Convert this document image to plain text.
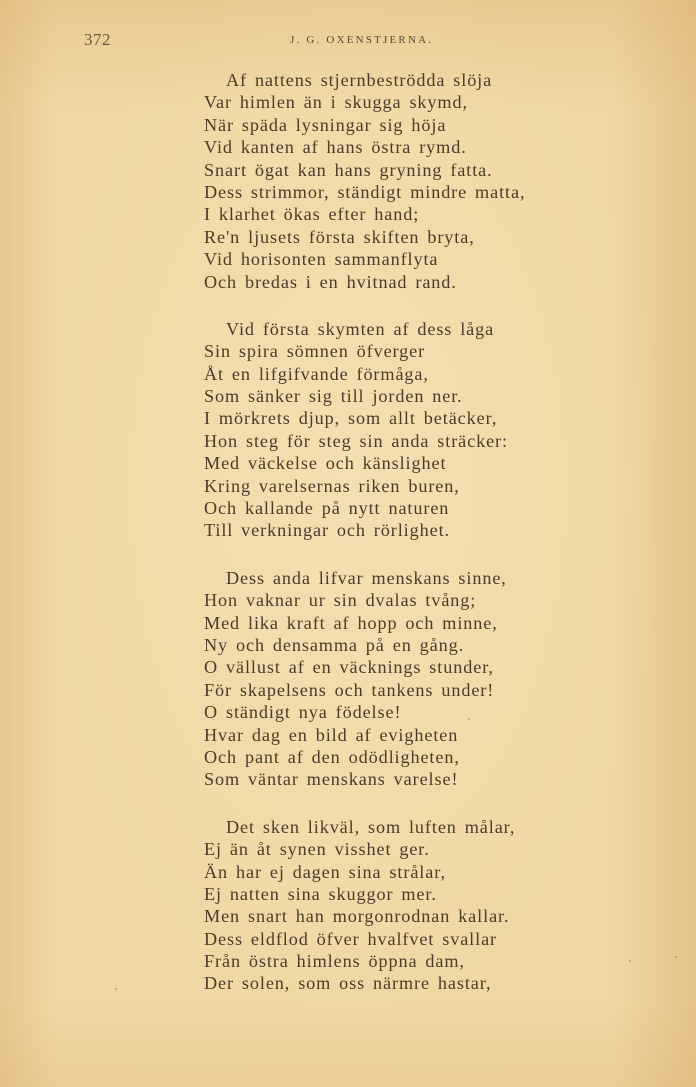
372	J. G. OXENSTJERNA.
Af nattens stjernbeströdda slöja
Var himlen än i skugga skymd,
När späda lysningar sig höja
Vid kanten af hans östra rymd.
Snart ögat kan hans gryning fatta.
Dess strimmor, ständigt mindre matta,
I klarhet ökas efter hand;
Re'n ljusets första skiften bryta,
Vid horisonten sammanflyta
Och bredas i en hvitnad rand.
Vid första skymten af dess låga
Sin spira sömnen öfverger
Åt en lifgifvande förmåga,
Som sänker sig till jorden ner.
I mörkrets djup, som allt betäcker,
Hon steg för steg sin anda sträcker:
Med väckelse och känslighet
Kring varelsernas riken buren,
Och kallande på nytt naturen
Till verkningar och rörlighet.
Dess anda lifvar menskans sinne,
Hon vaknar ur sin dvalas tvång;
Med lika kraft af hopp och minne,
Ny och densamma på en gång.
O vällust af en väcknings stunder,
För skapelsens och tankens under!
O ständigt nya födelse!
Hvar dag en bild af evigheten
Och pant af den odödligheten,
Som väntar menskans varelse!
Det sken likväl, som luften målar,
Ej än åt synen visshet ger.
Än har ej dagen sina strålar,
Ej natten sina skuggor mer.
Men snart han morgonrodnan kallar.
Dess eldflod öfver hvalfvet svallar
Från östra himlens öppna dam,
Der solen, som oss närmre hastar,
